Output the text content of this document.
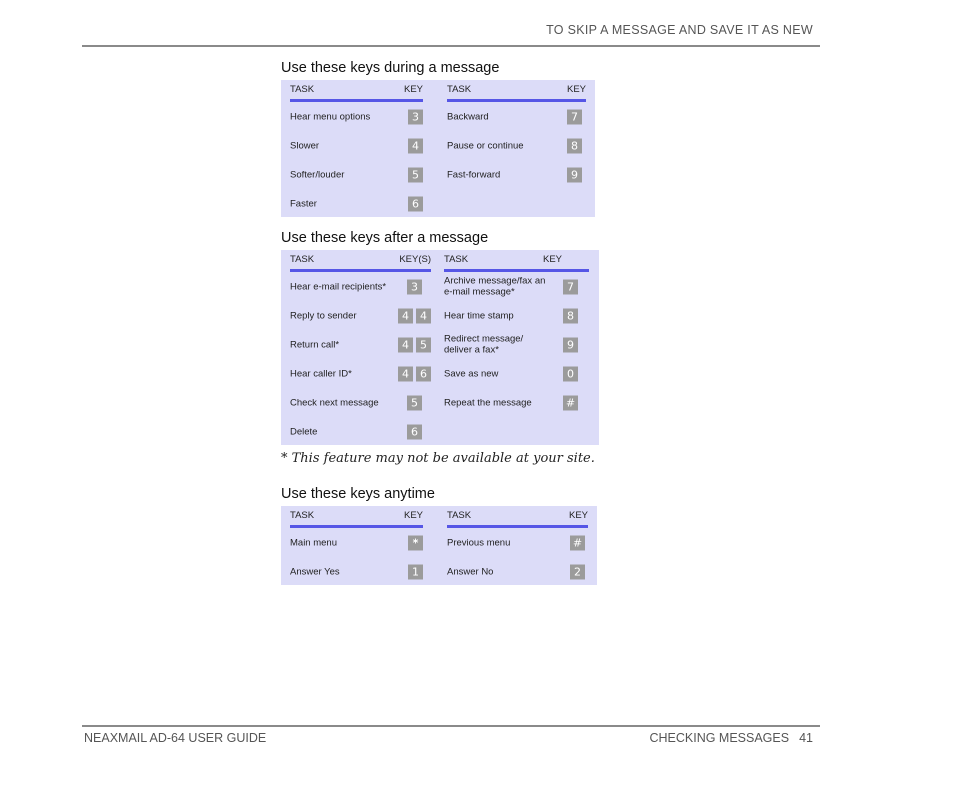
TO SKIP A MESSAGE AND SAVE IT AS NEW
Use these keys during a message
TASK	KEY
Hear menu options	3
Slower	4
Softer/louder	5
Faster	6
TASK	KEY
Backward	7
Pause or continue	8
Fast-forward	9
Use these keys after a message
TASK	KEY(S)
Hear e-mail recipients*	3
Reply to sender	4	4
Return call*	4	5
Hear caller ID*	4	6
Check next message	5
Delete	6
TASK	KEY
Archive message/fax an
e-mail message*	7
Hear time stamp	8
Redirect message/
deliver a fax*	9
Save as new	0
Repeat the message	#
* This feature may not be available at your site.
Use these keys anytime
TASK	KEY
Main menu	*
Answer Yes	1
TASK	KEY
Previous menu	#
Answer No	2
NEAXMAIL AD-64 USER GUIDE	CHECKING MESSAGES 41
